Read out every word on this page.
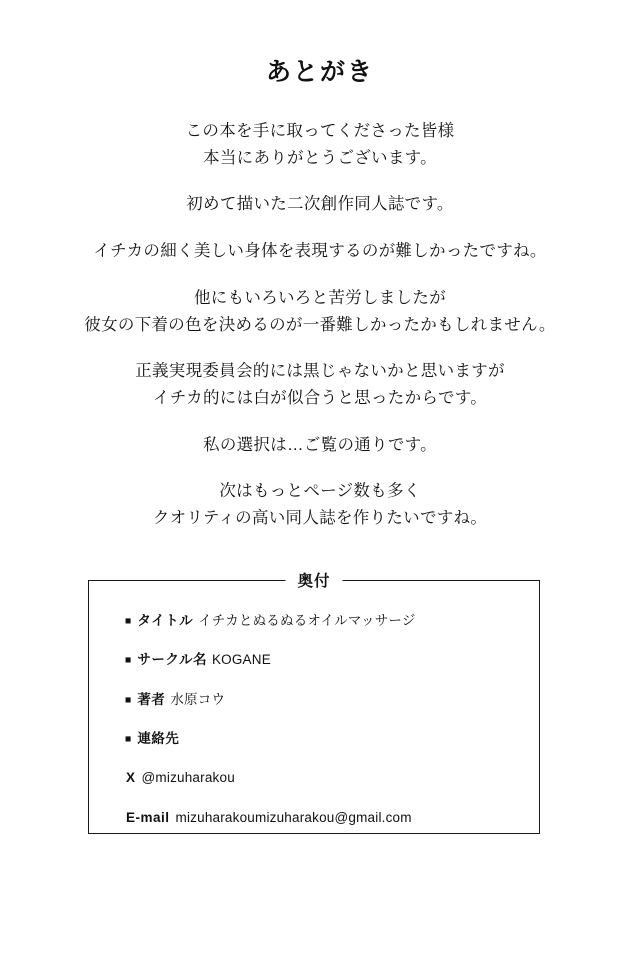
あとがき

この本を手に取ってくださった皆様
本当にありがとうございます。

初めて描いた二次創作同人誌です。

イチカの細く美しい身体を表現するのが難しかったですね。

他にもいろいろと苦労しましたが
彼女の下着の色を決めるのが一番難しかったかもしれません。

正義実現委員会的には黒じゃないかと思いますが
イチカ的には白が似合うと思ったからです。

私の選択は…ご覧の通りです。

次はもっとページ数も多く
クオリティの高い同人誌を作りたいですね。

奥付
■ タイトル イチカとぬるぬるオイルマッサージ
■ サークル名 KOGANE
■ 著者 水原コウ
■ 連絡先
X @mizuharakou
E-mail mizuharakoumizuharakou@gmail.com
